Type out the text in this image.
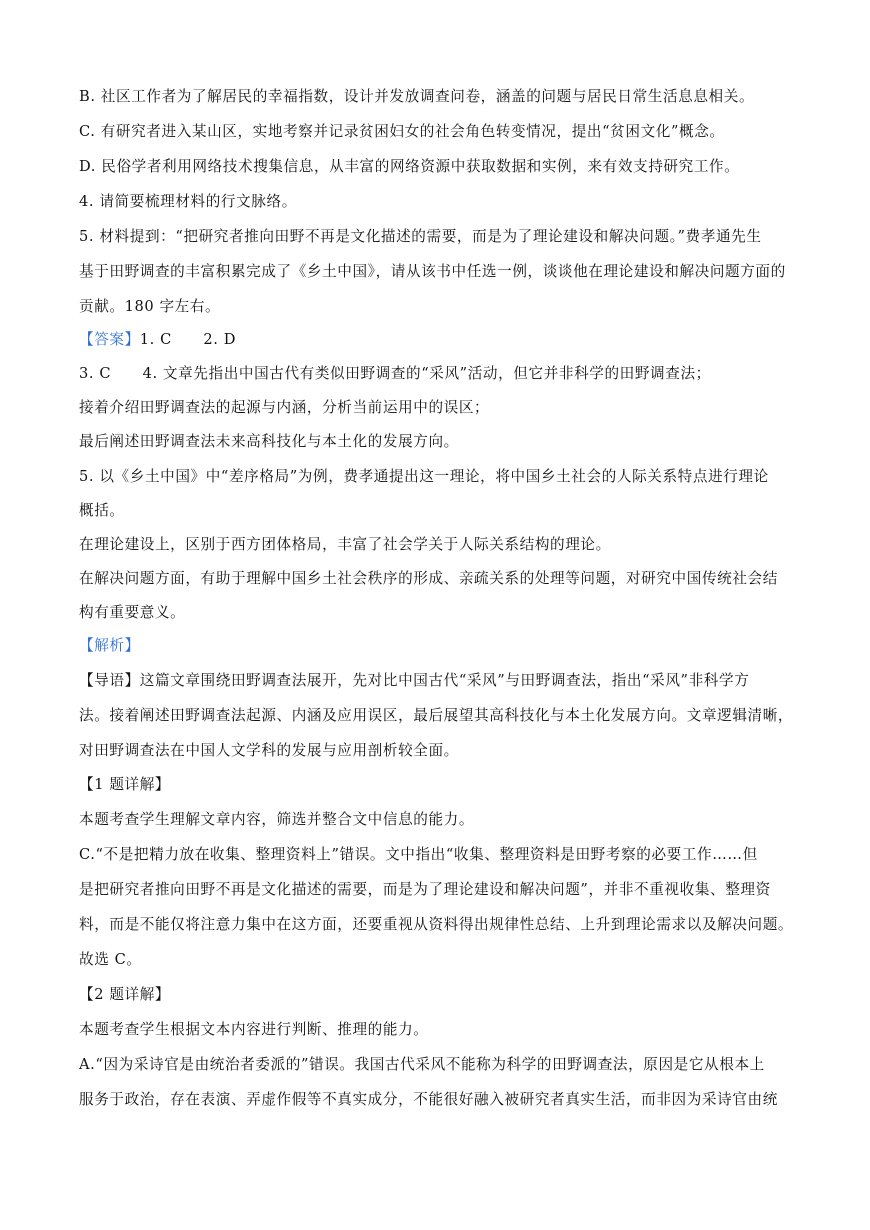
B. 社区工作者为了解居民的幸福指数，设计并发放调查问卷，涵盖的问题与居民日常生活息息相关。
C. 有研究者进入某山区，实地考察并记录贫困妇女的社会角色转变情况，提出“贫困文化”概念。
D. 民俗学者利用网络技术搜集信息，从丰富的网络资源中获取数据和实例，来有效支持研究工作。
4. 请简要梳理材料的行文脉络。
5. 材料提到：“把研究者推向田野不再是文化描述的需要，而是为了理论建设和解决问题。”费孝通先生
基于田野调查的丰富积累完成了《乡土中国》，请从该书中任选一例，谈谈他在理论建设和解决问题方面的
贡献。180 字左右。
【答案】1. C      2. D
3. C      4. 文章先指出中国古代有类似田野调查的“采风”活动，但它并非科学的田野调查法；
接着介绍田野调查法的起源与内涵，分析当前运用中的误区；
最后阐述田野调查法未来高科技化与本土化的发展方向。
5. 以《乡土中国》中“差序格局”为例，费孝通提出这一理论，将中国乡土社会的人际关系特点进行理论
概括。
在理论建设上，区别于西方团体格局，丰富了社会学关于人际关系结构的理论。
在解决问题方面，有助于理解中国乡土社会秩序的形成、亲疏关系的处理等问题，对研究中国传统社会结
构有重要意义。
【解析】
【导语】这篇文章围绕田野调查法展开，先对比中国古代“采风”与田野调查法，指出“采风”非科学方
法。接着阐述田野调查法起源、内涵及应用误区，最后展望其高科技化与本土化发展方向。文章逻辑清晰，
对田野调查法在中国人文学科的发展与应用剖析较全面。
【1 题详解】
本题考查学生理解文章内容，筛选并整合文中信息的能力。
C.“不是把精力放在收集、整理资料上”错误。文中指出“收集、整理资料是田野考察的必要工作……但
是把研究者推向田野不再是文化描述的需要，而是为了理论建设和解决问题”，并非不重视收集、整理资
料，而是不能仅将注意力集中在这方面，还要重视从资料得出规律性总结、上升到理论需求以及解决问题。
故选 C。
【2 题详解】
本题考查学生根据文本内容进行判断、推理的能力。
A.“因为采诗官是由统治者委派的”错误。我国古代采风不能称为科学的田野调查法，原因是它从根本上
服务于政治，存在表演、弄虚作假等不真实成分，不能很好融入被研究者真实生活，而非因为采诗官由统
